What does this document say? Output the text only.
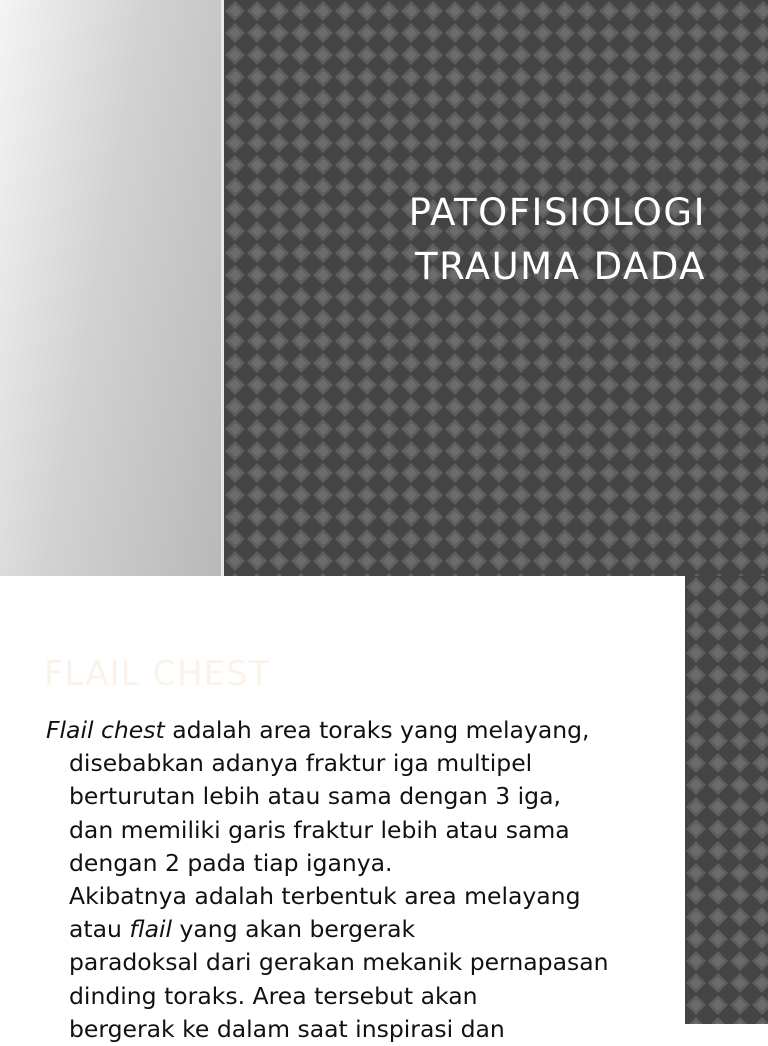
PATOFISIOLOGI
TRAUMA DADA
FLAIL CHEST
Flail chest adalah area toraks yang melayang,
disebabkan adanya fraktur iga multipel
berturutan lebih atau sama dengan 3 iga,
dan memiliki garis fraktur lebih atau sama
dengan 2 pada tiap iganya.
Akibatnya adalah terbentuk area melayang
atau flail yang akan bergerak
paradoksal dari gerakan mekanik pernapasan
dinding toraks. Area tersebut akan
bergerak ke dalam saat inspirasi dan
